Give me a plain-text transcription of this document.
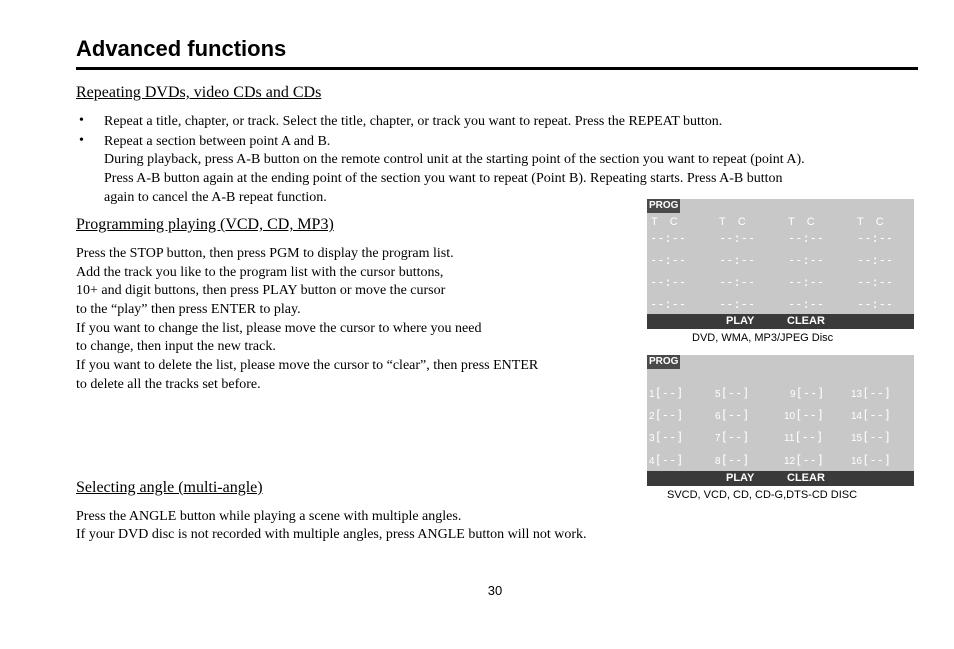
Advanced functions
Repeating DVDs, video CDs and CDs
• Repeat a title, chapter, or track. Select the title, chapter, or track you want to repeat. Press the REPEAT button.
• Repeat a section between point A and B.
During playback, press A-B button on the remote control unit at the starting point of the section you want to repeat (point A).
Press A-B button again at the ending point of the section you want to repeat (Point B). Repeating starts. Press A-B button
again to cancel the A-B repeat function.
Programming playing (VCD, CD, MP3)
Press the STOP button, then press PGM to display the program list.
Add the track you like to the program list with the cursor buttons,
10+ and digit buttons, then press PLAY button or move the cursor
to the “play” then press ENTER to play.
If you want to change the list, please move the cursor to where you need
to change, then input the new track.
If you want to delete the list, please move the cursor to “clear”, then press ENTER
to delete all the tracks set before.
Selecting angle (multi-angle)
Press the ANGLE button while playing a scene with multiple angles.
If your DVD disc is not recorded with multiple angles, press ANGLE button will not work.
PROG
T    C	T    C	T    C	T    C
--:--	--:--	--:--	--:--
--:--	--:--	--:--	--:--
--:--	--:--	--:--	--:--
--:--	--:--	--:--	--:--
PLAY	CLEAR
DVD, WMA, MP3/JPEG Disc
PROG
1[--]	5[--]	9[--]	13[--]
2[--]	6[--]	10[--]	14[--]
3[--]	7[--]	11[--]	15[--]
4[--]	8[--]	12[--]	16[--]
PLAY	CLEAR
SVCD, VCD, CD, CD-G,DTS-CD DISC
30
